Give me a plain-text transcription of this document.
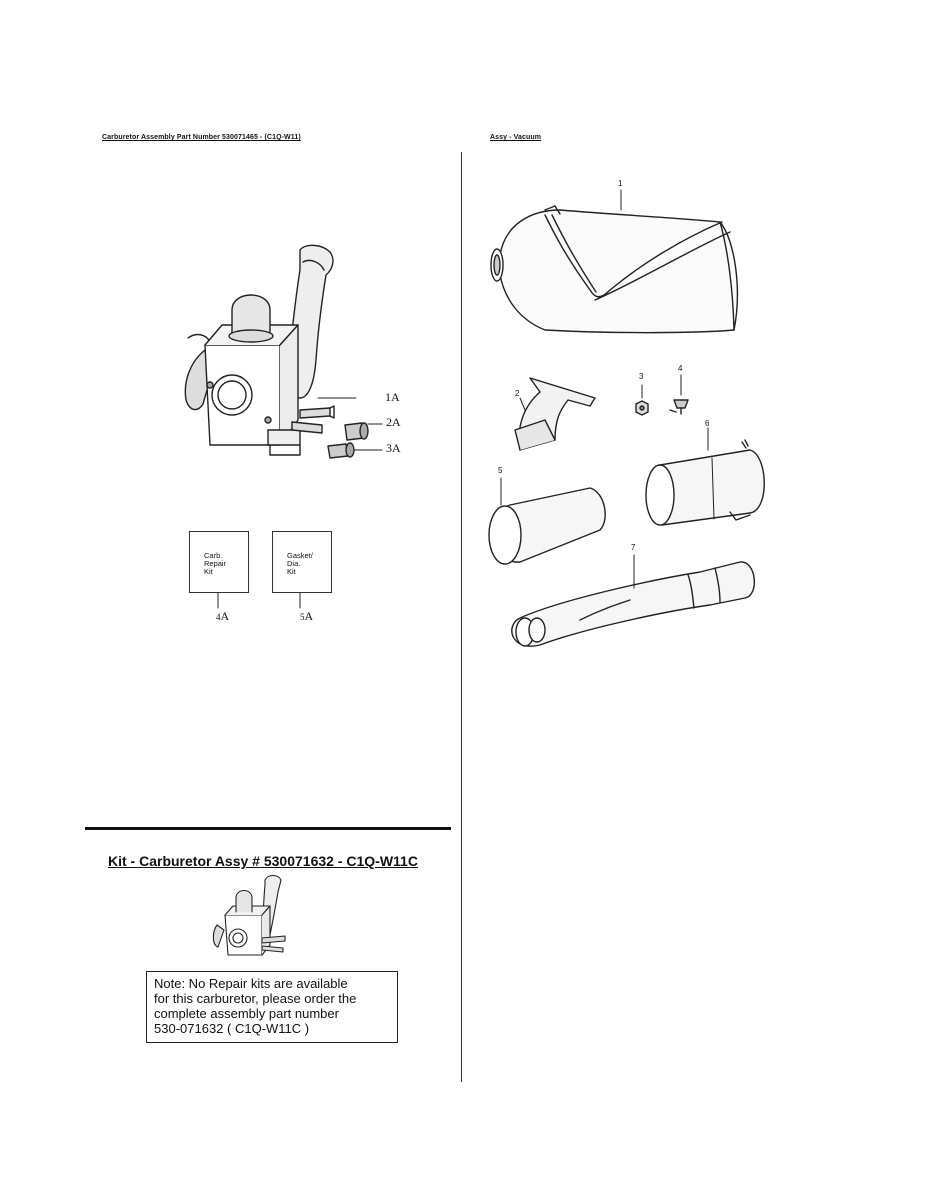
Carburetor Assembly Part Number 530071465 - (C1Q-W11)	Assy - Vacuum
1A
2A
3A
Carb.
Repair
Kit
Gasket/
Dia.
Kit
4A	5A
1
2
3
4
5
6
7
Kit - Carburetor Assy # 530071632 - C1Q-W11C
Note: No Repair kits are available
for this carburetor, please order the
complete assembly part number
530-071632 ( C1Q-W11C )
